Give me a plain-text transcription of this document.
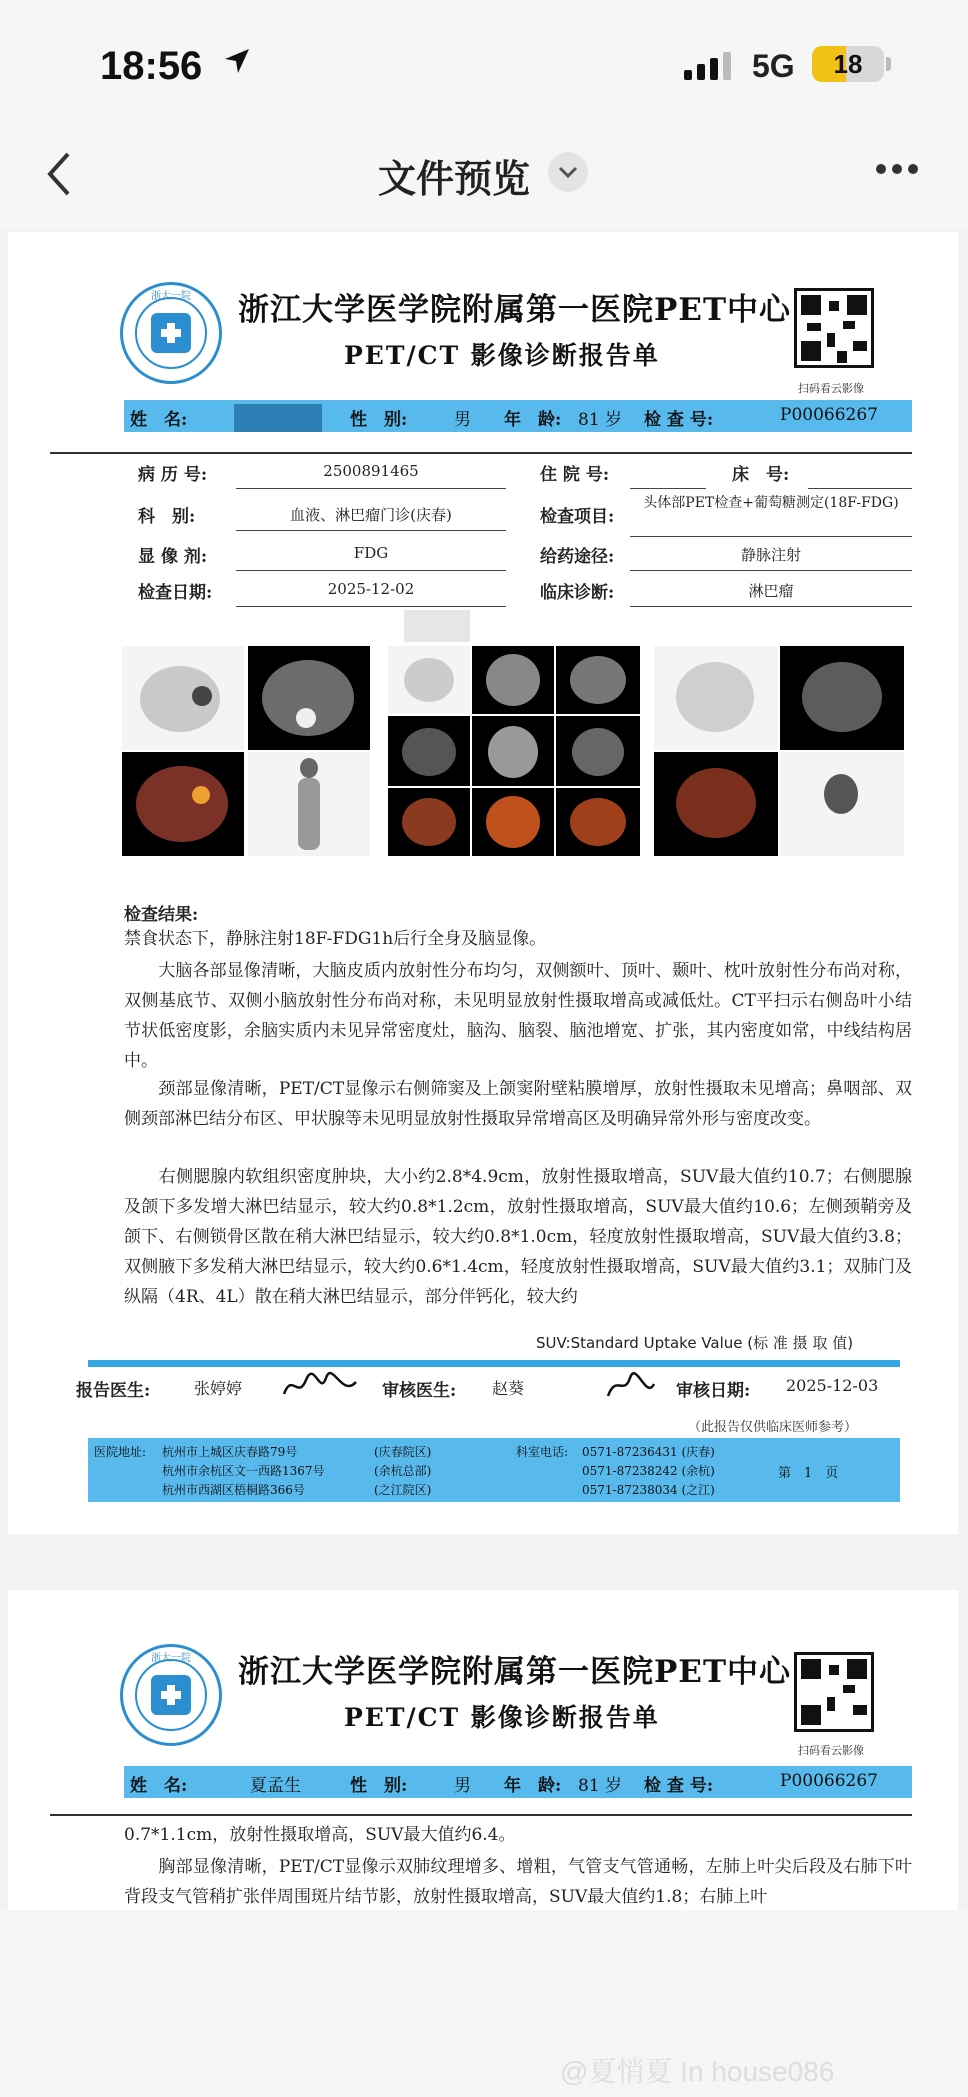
18:56	5G	18
文件预览
浙大一院	浙江大学医学院附属第一医院PET中心
PET/CT 影像诊断报告单
扫码看云影像
姓　名:	性　别:	男 年　龄: 81 岁 检 查 号:	P00066267
病 历 号:	2500891465	住 院 号:	床　号:
科　别:	血液、淋巴瘤门诊(庆春)	检查项目:
头体部PET检查+葡萄糖测定(18F-FDG)
显 像 剂:	FDG	给药途径:	静脉注射
检查日期:	2025-12-02	临床诊断:	淋巴瘤
检查结果:
禁食状态下，静脉注射18F-FDG1h后行全身及脑显像。
　　大脑各部显像清晰，大脑皮质内放射性分布均匀，双侧额叶、顶叶、颞叶、枕叶放射性分布尚对称，双侧基底节、双侧小脑放射性分布尚对称，未见明显放射性摄取增高或减低灶。CT平扫示右侧岛叶小结节状低密度影，余脑实质内未见异常密度灶，脑沟、脑裂、脑池增宽、扩张，其内密度如常，中线结构居中。
　　颈部显像清晰，PET/CT显像示右侧筛窦及上颌窦附壁粘膜增厚，放射性摄取未见增高；鼻咽部、双侧颈部淋巴结分布区、甲状腺等未见明显放射性摄取异常增高区及明确异常外形与密度改变。
　　右侧腮腺内软组织密度肿块，大小约2.8*4.9cm，放射性摄取增高，SUV最大值约10.7；右侧腮腺及颌下多发增大淋巴结显示，较大约0.8*1.2cm，放射性摄取增高，SUV最大值约10.6；左侧颈鞘旁及颌下、右侧锁骨区散在稍大淋巴结显示，较大约0.8*1.0cm，轻度放射性摄取增高，SUV最大值约3.8；双侧腋下多发稍大淋巴结显示，较大约0.6*1.4cm，轻度放射性摄取增高，SUV最大值约3.1；双肺门及纵隔（4R、4L）散在稍大淋巴结显示，部分伴钙化，较大约
SUV:Standard Uptake Value (标 准 摄 取 值)
报告医生:	张婷婷	审核医生: 赵葵	审核日期: 2025-12-03
（此报告仅供临床医师参考）
医院地址: 杭州市上城区庆春路79号	(庆春院区)
杭州市余杭区文一西路1367号	(余杭总部)
杭州市西湖区梧桐路366号	(之江院区)
科室电话: 0571-87236431 (庆春)
0571-87238242 (余杭)
0571-87238034 (之江)
第　1　页
浙大一院	浙江大学医学院附属第一医院PET中心
PET/CT 影像诊断报告单
扫码看云影像
姓　名:	夏孟生	性　别:	男 年　龄: 81 岁 检 查 号:	P00066267
0.7*1.1cm，放射性摄取增高，SUV最大值约6.4。
　　胸部显像清晰，PET/CT显像示双肺纹理增多、增粗，气管支气管通畅，左肺上叶尖后段及右肺下叶背段支气管稍扩张伴周围斑片结节影，放射性摄取增高，SUV最大值约1.8；右肺上叶
@夏悄夏 In house086
